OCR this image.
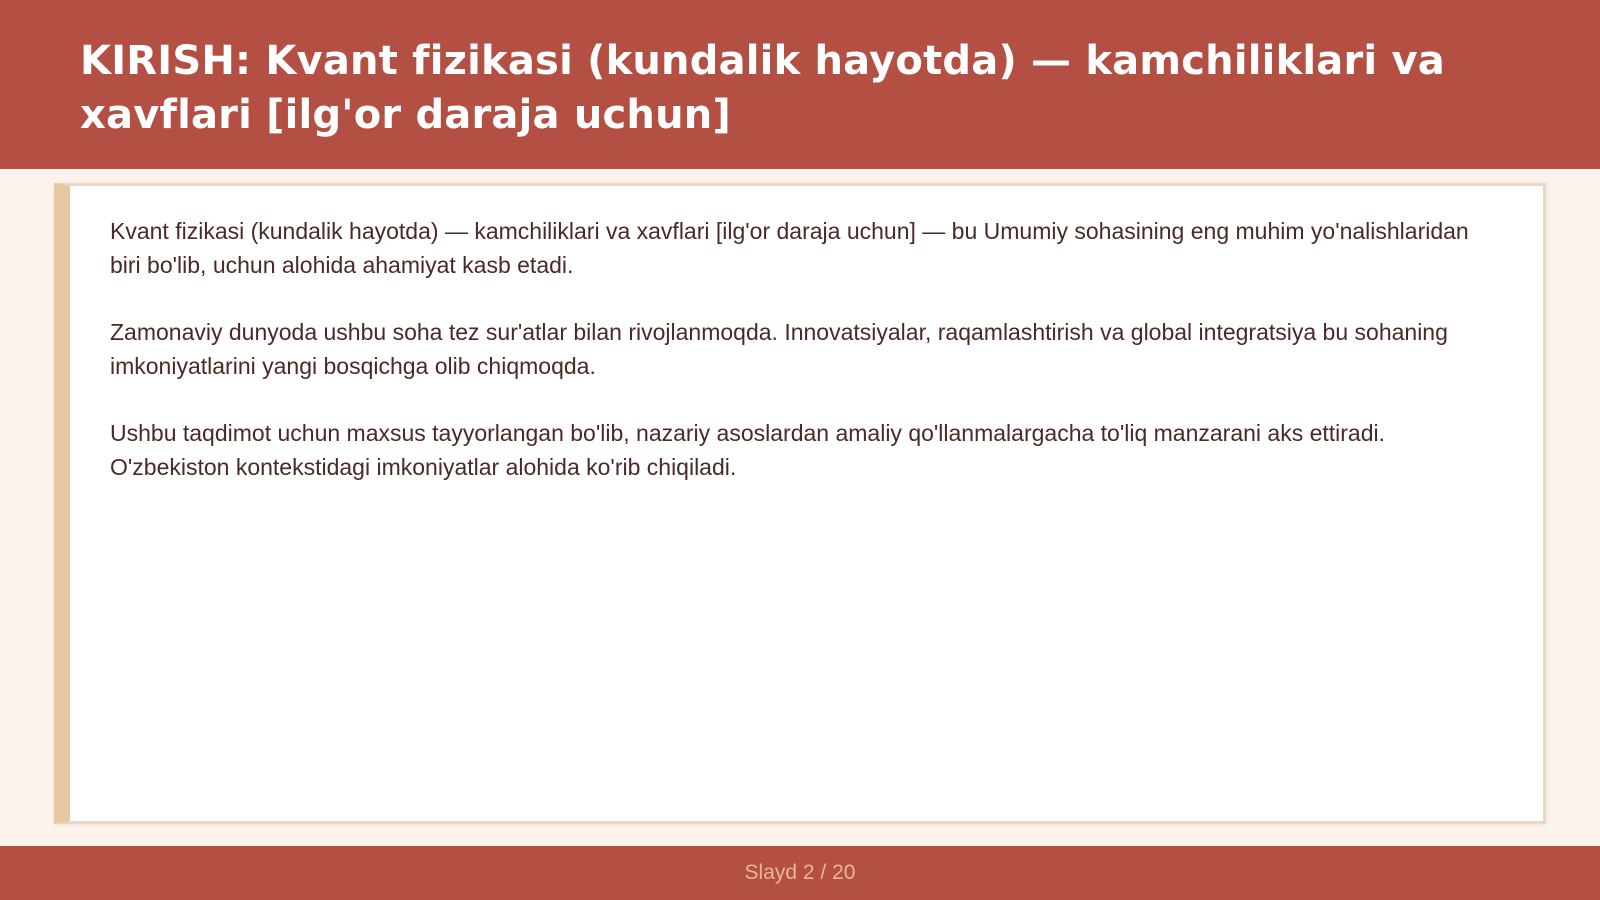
KIRISH: Kvant fizikasi (kundalik hayotda) — kamchiliklari va xavflari [ilg'or daraja uchun]

Kvant fizikasi (kundalik hayotda) — kamchiliklari va xavflari [ilg'or daraja uchun] — bu Umumiy sohasining eng muhim yo'nalishlaridan biri bo'lib, uchun alohida ahamiyat kasb etadi.

Zamonaviy dunyoda ushbu soha tez sur'atlar bilan rivojlanmoqda. Innovatsiyalar, raqamlashtirish va global integratsiya bu sohaning imkoniyatlarini yangi bosqichga olib chiqmoqda.

Ushbu taqdimot uchun maxsus tayyorlangan bo'lib, nazariy asoslardan amaliy qo'llanmalargacha to'liq manzarani aks ettiradi. O'zbekiston kontekstidagi imkoniyatlar alohida ko'rib chiqiladi.

Slayd 2 / 20
